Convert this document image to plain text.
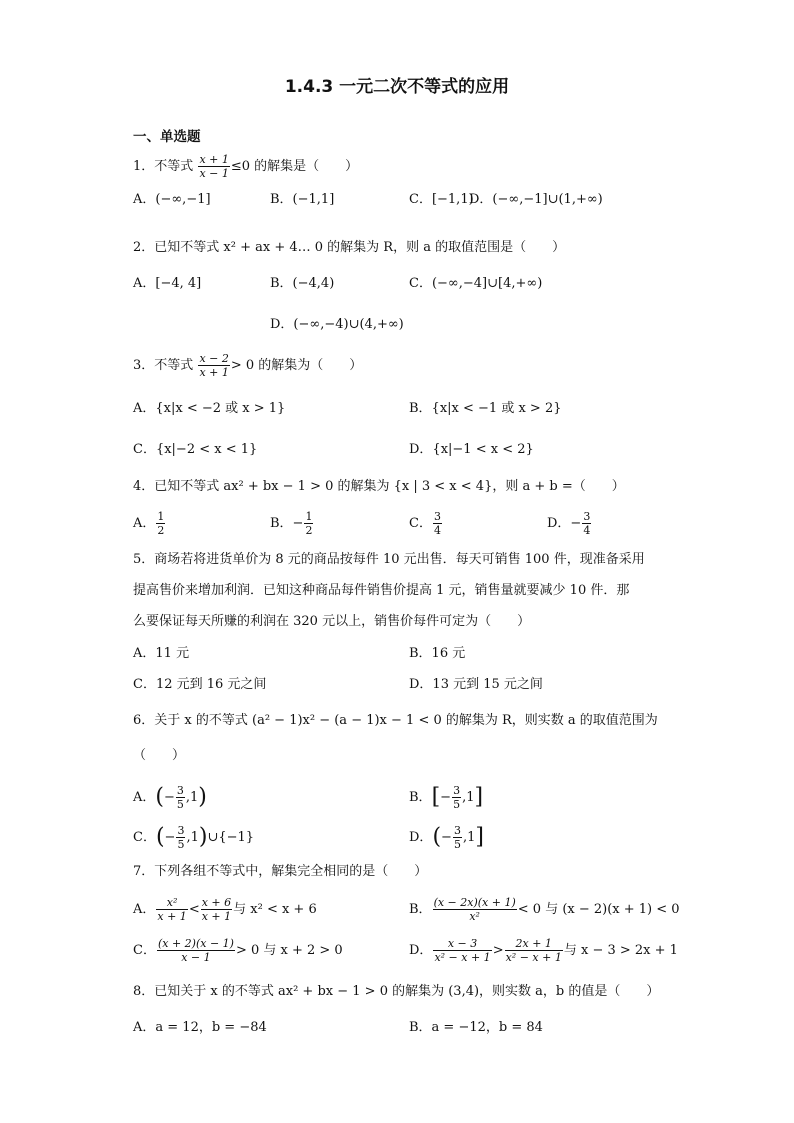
1.4.3 一元二次不等式的应用
一、单选题
1．不等式 $\frac{x + 1}{x - 1} \le 0$ 的解集是（　　）
A．(−∞,−1]	B．(−1,1]	C．[−1,1)
D．(−∞,−1]∪(1,+∞)
2．已知不等式 x² + ax + 4… 0 的解集为 R，则 a 的取值范围是（　　）
A．[−4, 4]	B．(−4,4)	C．(−∞,−4]∪[4,+∞)
D．(−∞,−4)∪(4,+∞)
3．不等式 $\frac{x - 2}{x + 1} > 0$ 的解集为（　　）
A．{x|x < −2 或 x > 1}	B．{x|x < −1 或 x > 2}
C．{x|−2 < x < 1}	D．{x|−1 < x < 2}
4．已知不等式 ax² + bx − 1 > 0 的解集为 {x | 3 < x < 4}，则 a + b =（　　）
A． $\frac{1}{2}$	B．− $\frac{1}{2}$	C． $\frac{3}{4}$	D．− $\frac{3}{4}$
5．商场若将进货单价为 8 元的商品按每件 10 元出售．每天可销售 100 件，现准备采用
提高售价来增加利润．已知这种商品每件销售价提高 1 元，销售量就要减少 10 件．那
么要保证每天所赚的利润在 320 元以上，销售价每件可定为（　　）
A．11 元	B．16 元
C．12 元到 16 元之间	D．13 元到 15 元之间
6．关于 x 的不等式 (a² − 1)x² − (a − 1)x − 1 < 0 的解集为 R，则实数 a 的取值范围为
（　　）
A．(− $\frac{3}{5} ,1$)	B．[− $\frac{3}{5} ,1$]
C．(− $\frac{3}{5}$ ,1)∪{−1}	D．(− $\frac{3}{5} ,1$]
7．下列各组不等式中，解集完全相同的是（　　）
A． $\frac{\text{x²}}{x + 1} < \frac{x + 6}{x + 1}$ 与 x² < x + 6	B． $\frac{(x - 2x)(x + 1)}{\text{x²}} < 0$ 与 (x − 2)(x + 1) < 0
C． $\frac{(x + 2)(x - 1)}{x - 1} > 0$ 与 x + 2 > 0	D． $\frac{x - 3}{\text{x² − x + 1}} > \frac{2x + 1}{\text{x² − x + 1}}$ 与 x − 3 > 2x + 1
8．已知关于 x 的不等式 ax² + bx − 1 > 0 的解集为 (3,4)，则实数 a，b 的值是（　　）
A．a = 12，b = −84	B．a = −12，b = 84
